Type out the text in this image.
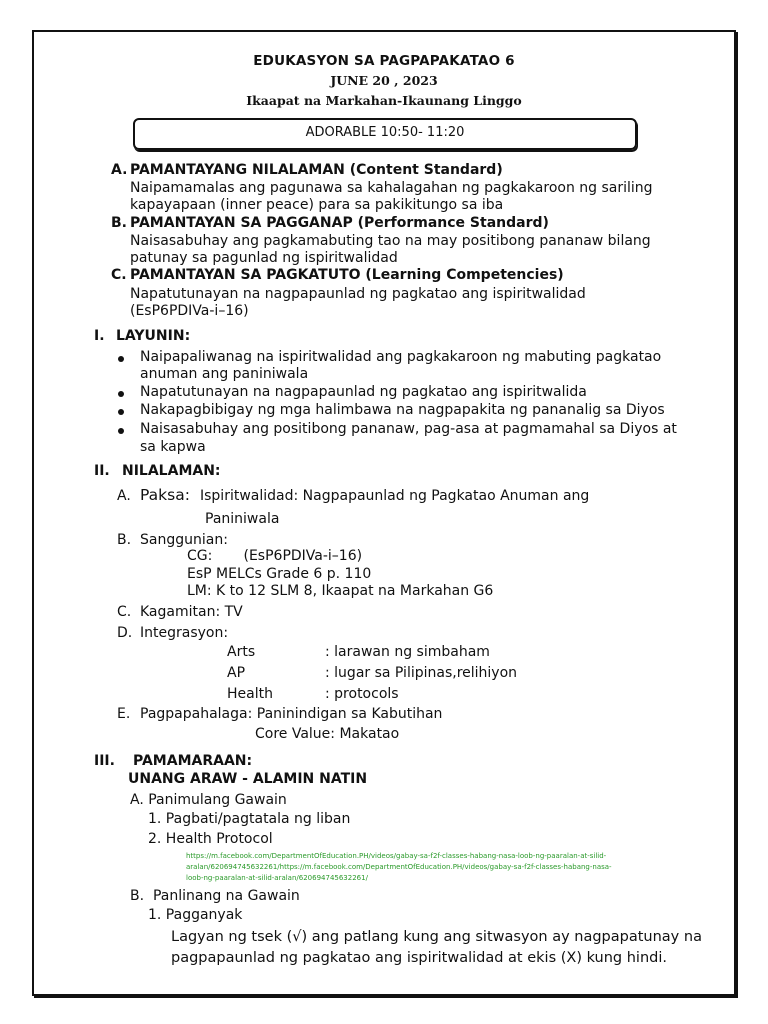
EDUKASYON SA PAGPAPAKATAO 6
JUNE 20 , 2023
Ikaapat na Markahan-Ikaunang Linggo
ADORABLE 10:50- 11:20
A. PAMANTAYANG NILALAMAN (Content Standard)
Naipamamalas ang pagunawa sa kahalagahan ng pagkakaroon ng sariling
kapayapaan (inner peace) para sa pakikitungo sa iba
B. PAMANTAYAN SA PAGGANAP (Performance Standard)
Naisasabuhay ang pagkamabuting tao na may positibong pananaw bilang
patunay sa pagunlad ng ispiritwalidad
C. PAMANTAYAN SA PAGKATUTO (Learning Competencies)
Napatutunayan na nagpapaunlad ng pagkatao ang ispiritwalidad
(EsP6PDIVa-i–16)
I. LAYUNIN:
Naipapaliwanag na ispiritwalidad ang pagkakaroon ng mabuting pagkatao
anuman ang paniniwala
Napatutunayan na nagpapaunlad ng pagkatao ang ispiritwalida
Nakapagbibigay ng mga halimbawa na nagpapakita ng pananalig sa Diyos
Naisasabuhay ang positibong pananaw, pag-asa at pagmamahal sa Diyos at
sa kapwa
II. NILALAMAN:
A. Paksa: Ispiritwalidad: Nagpapaunlad ng Pagkatao Anuman ang
Paniniwala
B. Sanggunian:
CG:       (EsP6PDIVa-i–16)
EsP MELCs Grade 6 p. 110
LM: K to 12 SLM 8, Ikaapat na Markahan G6
C. Kagamitan: TV
D. Integrasyon:
Arts	: larawan ng simbaham
AP	: lugar sa Pilipinas,relihiyon
Health	: protocols
E. Pagpapahalaga: Paninindigan sa Kabutihan
Core Value: Makatao
III. PAMAMARAAN:
UNANG ARAW - ALAMIN NATIN
A. Panimulang Gawain
1. Pagbati/pagtatala ng liban
2. Health Protocol
https://m.facebook.com/DepartmentOfEducation.PH/videos/gabay-sa-f2f-classes-habang-nasa-loob-ng-paaralan-at-silid-
aralan/620694745632261/https://m.facebook.com/DepartmentOfEducation.PH/videos/gabay-sa-f2f-classes-habang-nasa-
loob-ng-paaralan-at-silid-aralan/620694745632261/
B.  Panlinang na Gawain
1. Pagganyak
Lagyan ng tsek (√) ang patlang kung ang sitwasyon ay nagpapatunay na
pagpapaunlad ng pagkatao ang ispiritwalidad at ekis (X) kung hindi.
